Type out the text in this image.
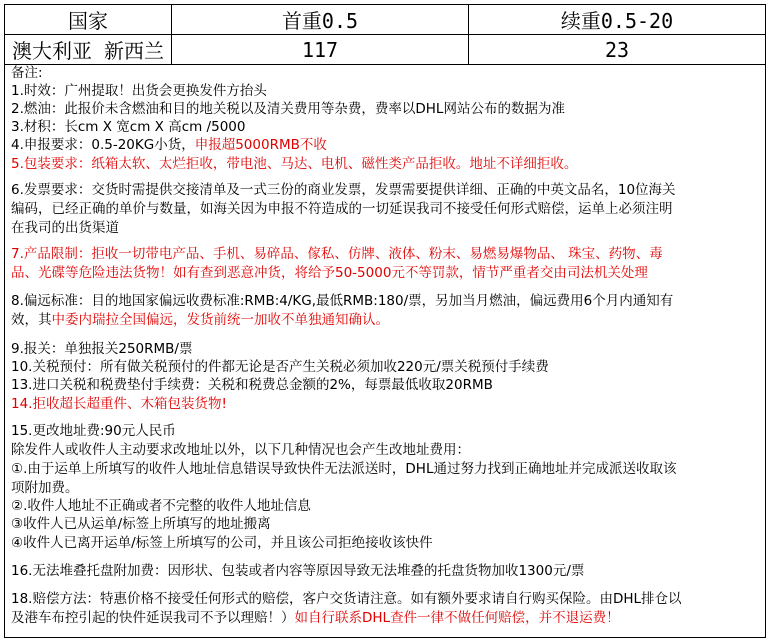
国家	首重0.5	续重0.5-20
澳大利亚 新西兰	117	23
备注:
1.时效：广州提取！出货会更换发件方抬头
2.燃油：此报价未含燃油和目的地关税以及清关费用等杂费，费率以DHL网站公布的数据为准
3.材积：长cm X 宽cm X 高cm /5000
4.申报要求：0.5-20KG小货，申报超5000RMB不收
5.包装要求：纸箱太软、太烂拒收，带电池、马达、电机、磁性类产品拒收。地址不详细拒收。
6.发票要求：交货时需提供交接清单及一式三份的商业发票，发票需要提供详细、正确的中英文品名，10位海关
编码，已经正确的单价与数量，如海关因为申报不符造成的一切延误我司不接受任何形式赔偿，运单上必须注明
在我司的出货渠道
7.产品限制：拒收一切带电产品、手机、易碎品、傢私、仿牌、液体、粉末、易燃易爆物品、 珠宝、药物、毒
品、光碟等危险违法货物！如有查到恶意冲货，将给予50-5000元不等罚款，情节严重者交由司法机关处理
8.偏远标准：目的地国家偏远收费标准:RMB:4/KG,最低RMB:180/票，另加当月燃油，偏远费用6个月内通知有
效，其中委内瑞拉全国偏远，发货前统一加收不单独通知确认。
9.报关：单独报关250RMB/票
10.关税预付：所有做关税预付的件都无论是否产生关税必须加收220元/票关税预付手续费
13.进口关税和税费垫付手续费：关税和税费总金额的2%，每票最低收取20RMB
14.拒收超长超重件、木箱包装货物!
15.更改地址费:90元人民币
除发件人或收件人主动要求改地址以外，以下几种情况也会产生改地址费用：
①.由于运单上所填写的收件人地址信息错误导致快件无法派送时，DHL通过努力找到正确地址并完成派送收取该
项附加费。
②.收件人地址不正确或者不完整的收件人地址信息
③收件人已从运单/标签上所填写的地址搬离
④收件人已离开运单/标签上所填写的公司，并且该公司拒绝接收该快件
16.无法堆叠托盘附加费：因形状、包装或者内容等原因导致无法堆叠的托盘货物加收1300元/票
18.赔偿方法：特惠价格不接受任何形式的赔偿，客户交货请注意。如有额外要求请自行购买保险。由DHL排仓以
及港车布控引起的快件延误我司不予以理赔！）如自行联系DHL查件一律不做任何赔偿，并不退运费！
